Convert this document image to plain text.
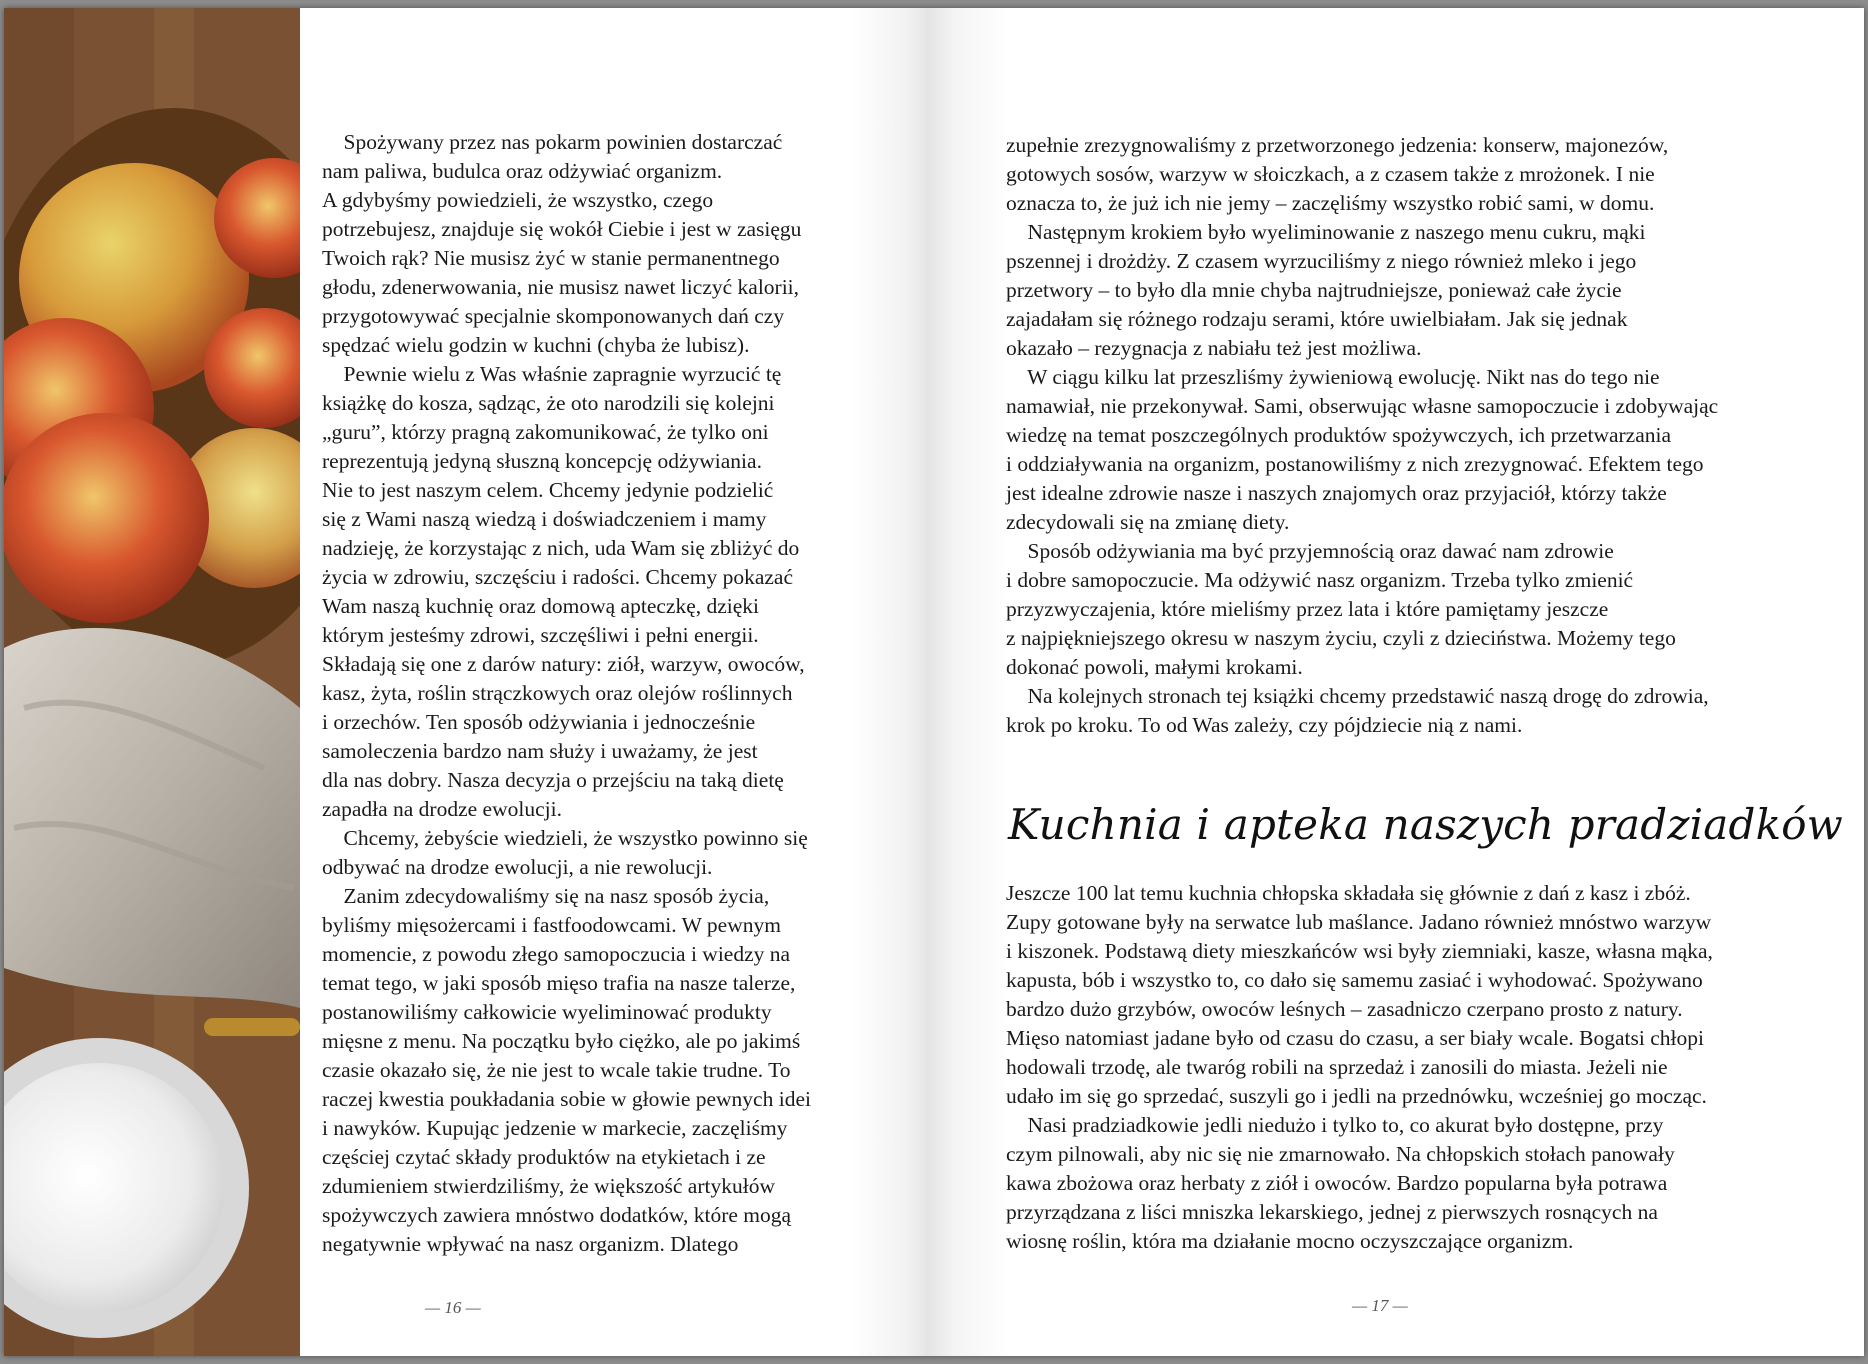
Spożywany przez nas pokarm powinien dostarczać
nam paliwa, budulca oraz odżywiać organizm.
A gdybyśmy powiedzieli, że wszystko, czego
potrzebujesz, znajduje się wokół Ciebie i jest w zasięgu
Twoich rąk? Nie musisz żyć w stanie permanentnego
głodu, zdenerwowania, nie musisz nawet liczyć kalorii,
przygotowywać specjalnie skomponowanych dań czy
spędzać wielu godzin w kuchni (chyba że lubisz).
Pewnie wielu z Was właśnie zapragnie wyrzucić tę
książkę do kosza, sądząc, że oto narodzili się kolejni
„guru”, którzy pragną zakomunikować, że tylko oni
reprezentują jedyną słuszną koncepcję odżywiania.
Nie to jest naszym celem. Chcemy jedynie podzielić
się z Wami naszą wiedzą i doświadczeniem i mamy
nadzieję, że korzystając z nich, uda Wam się zbliżyć do
życia w zdrowiu, szczęściu i radości. Chcemy pokazać
Wam naszą kuchnię oraz domową apteczkę, dzięki
którym jesteśmy zdrowi, szczęśliwi i pełni energii.
Składają się one z darów natury: ziół, warzyw, owoców,
kasz, żyta, roślin strączkowych oraz olejów roślinnych
i orzechów. Ten sposób odżywiania i jednocześnie
samoleczenia bardzo nam służy i uważamy, że jest
dla nas dobry. Nasza decyzja o przejściu na taką dietę
zapadła na drodze ewolucji.
Chcemy, żebyście wiedzieli, że wszystko powinno się
odbywać na drodze ewolucji, a nie rewolucji.
Zanim zdecydowaliśmy się na nasz sposób życia,
byliśmy mięsożercami i fastfoodowcami. W pewnym
momencie, z powodu złego samopoczucia i wiedzy na
temat tego, w jaki sposób mięso trafia na nasze talerze,
postanowiliśmy całkowicie wyeliminować produkty
mięsne z menu. Na początku było ciężko, ale po jakimś
czasie okazało się, że nie jest to wcale takie trudne. To
raczej kwestia poukładania sobie w głowie pewnych idei
i nawyków. Kupując jedzenie w markecie, zaczęliśmy
częściej czytać składy produktów na etykietach i ze
zdumieniem stwierdziliśmy, że większość artykułów
spożywczych zawiera mnóstwo dodatków, które mogą
negatywnie wpływać na nasz organizm. Dlatego
zupełnie zrezygnowaliśmy z przetworzonego jedzenia: konserw, majonezów,
gotowych sosów, warzyw w słoiczkach, a z czasem także z mrożonek. I nie
oznacza to, że już ich nie jemy – zaczęliśmy wszystko robić sami, w domu.
Następnym krokiem było wyeliminowanie z naszego menu cukru, mąki
pszennej i drożdży. Z czasem wyrzuciliśmy z niego również mleko i jego
przetwory – to było dla mnie chyba najtrudniejsze, ponieważ całe życie
zajadałam się różnego rodzaju serami, które uwielbiałam. Jak się jednak
okazało – rezygnacja z nabiału też jest możliwa.
W ciągu kilku lat przeszliśmy żywieniową ewolucję. Nikt nas do tego nie
namawiał, nie przekonywał. Sami, obserwując własne samopoczucie i zdobywając
wiedzę na temat poszczególnych produktów spożywczych, ich przetwarzania
i oddziaływania na organizm, postanowiliśmy z nich zrezygnować. Efektem tego
jest idealne zdrowie nasze i naszych znajomych oraz przyjaciół, którzy także
zdecydowali się na zmianę diety.
Sposób odżywiania ma być przyjemnością oraz dawać nam zdrowie
i dobre samopoczucie. Ma odżywić nasz organizm. Trzeba tylko zmienić
przyzwyczajenia, które mieliśmy przez lata i które pamiętamy jeszcze
z najpiękniejszego okresu w naszym życiu, czyli z dzieciństwa. Możemy tego
dokonać powoli, małymi krokami.
Na kolejnych stronach tej książki chcemy przedstawić naszą drogę do zdrowia,
krok po kroku. To od Was zależy, czy pójdziecie nią z nami.
Kuchnia i apteka naszych pradziadków
Jeszcze 100 lat temu kuchnia chłopska składała się głównie z dań z kasz i zbóż.
Zupy gotowane były na serwatce lub maślance. Jadano również mnóstwo warzyw
i kiszonek. Podstawą diety mieszkańców wsi były ziemniaki, kasze, własna mąka,
kapusta, bób i wszystko to, co dało się samemu zasiać i wyhodować. Spożywano
bardzo dużo grzybów, owoców leśnych – zasadniczo czerpano prosto z natury.
Mięso natomiast jadane było od czasu do czasu, a ser biały wcale. Bogatsi chłopi
hodowali trzodę, ale twaróg robili na sprzedaż i zanosili do miasta. Jeżeli nie
udało im się go sprzedać, suszyli go i jedli na przednówku, wcześniej go mocząc.
Nasi pradziadkowie jedli niedużo i tylko to, co akurat było dostępne, przy
czym pilnowali, aby nic się nie zmarnowało. Na chłopskich stołach panowały
kawa zbożowa oraz herbaty z ziół i owoców. Bardzo popularna była potrawa
przyrządzana z liści mniszka lekarskiego, jednej z pierwszych rosnących na
wiosnę roślin, która ma działanie mocno oczyszczające organizm.
— 16 —	— 17 —
